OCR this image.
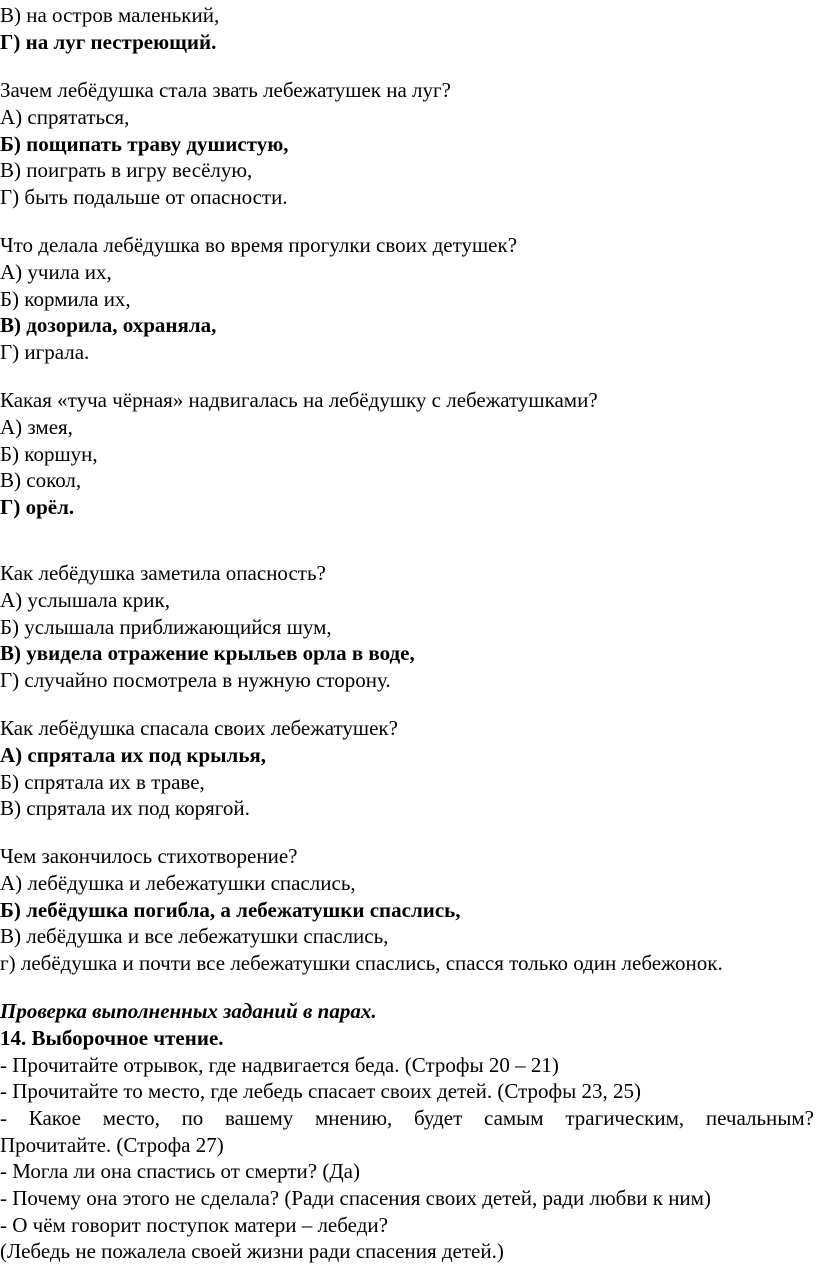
В) на остров маленький,
Г) на луг пестреющий.
Зачем лебёдушка стала звать лебежатушек на луг?
А) спрятаться,
Б) пощипать траву душистую,
В) поиграть в игру весёлую,
Г) быть подальше от опасности.
Что делала лебёдушка во время прогулки своих детушек?
А) учила их,
Б) кормила их,
В) дозорила, охраняла,
Г) играла.
Какая «туча чёрная» надвигалась на лебёдушку с лебежатушками?
А) змея,
Б) коршун,
В) сокол,
Г) орёл.
Как лебёдушка заметила опасность?
А) услышала крик,
Б) услышала приближающийся шум,
В) увидела отражение крыльев орла в воде,
Г) случайно посмотрела в нужную сторону.
Как лебёдушка спасала своих лебежатушек?
А) спрятала их под крылья,
Б) спрятала их в траве,
В) спрятала их под корягой.
Чем закончилось стихотворение?
А) лебёдушка и лебежатушки спаслись,
Б) лебёдушка погибла, а лебежатушки спаслись,
В) лебёдушка и все лебежатушки спаслись,
г) лебёдушка и почти все лебежатушки спаслись, спасся только один лебежонок.
Проверка выполненных заданий в парах.
14. Выборочное чтение.
- Прочитайте отрывок, где надвигается беда. (Строфы 20 – 21)
- Прочитайте то место, где лебедь спасает своих детей. (Строфы 23, 25)
- Какое место, по вашему мнению, будет самым трагическим, печальным?
Прочитайте. (Строфа 27)
- Могла ли она спастись от смерти? (Да)
- Почему она этого не сделала? (Ради спасения своих детей, ради любви к ним)
- О чём говорит поступок матери – лебеди?
(Лебедь не пожалела своей жизни ради спасения детей.)
